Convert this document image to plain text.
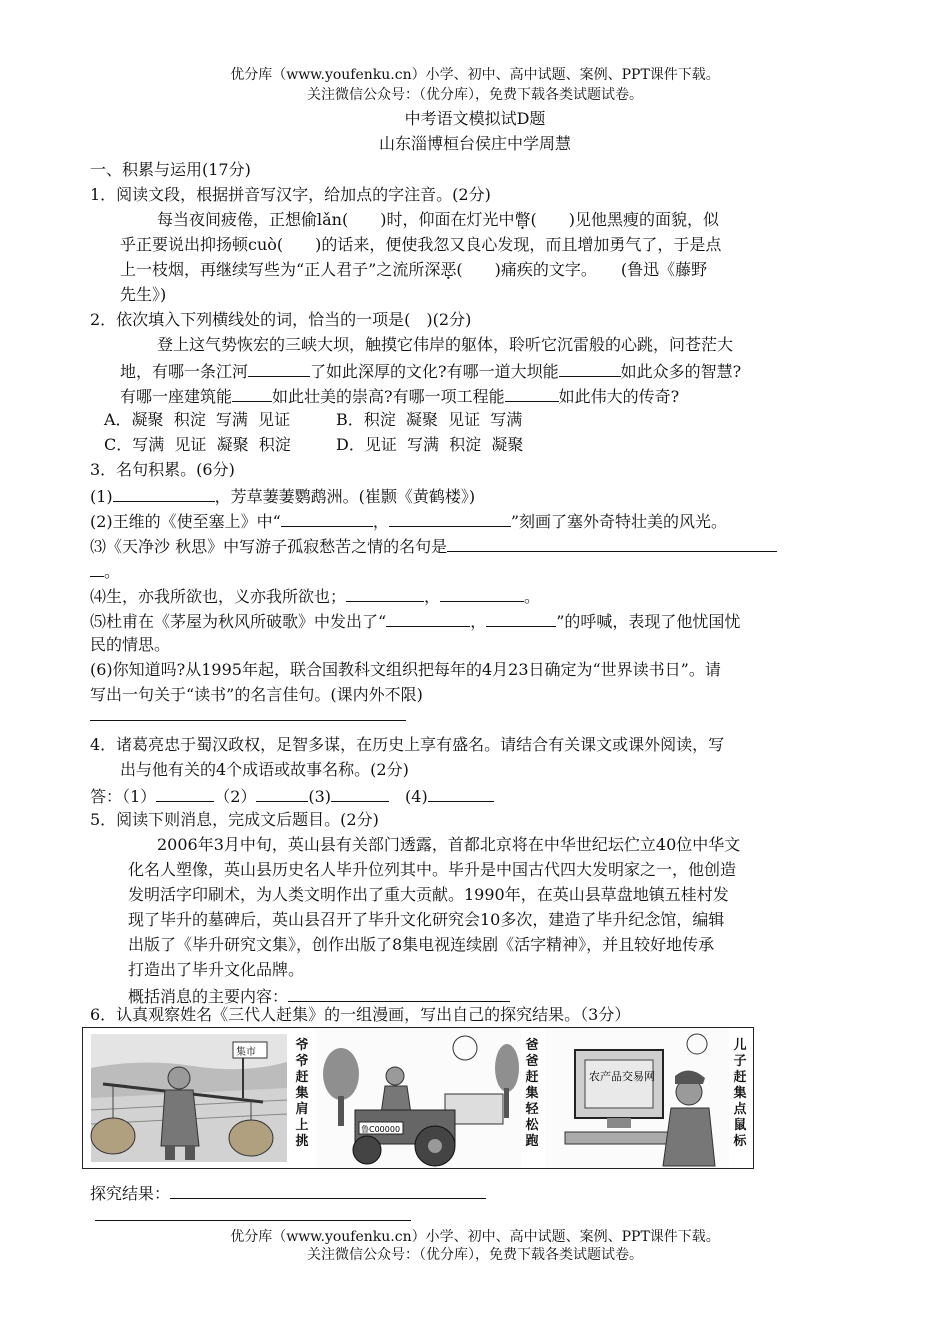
优分库（www.youfenku.cn）小学、初中、高中试题、案例、PPT课件下载。
关注微信公众号：（优分库），免费下载各类试题试卷。
中考语文模拟试D题
山东淄博桓台侯庄中学周慧
一、积累与运用(17分)
1．阅读文段，根据拼音写汉字，给加点的字注音。(2分)
每当夜间疲倦，正想偷lǎn(　　)时，仰面在灯光中瞥(　　)见他黑瘦的面貌，似
乎正要说出抑扬顿cuò(　　)的话来，便使我忽又良心发现，而且增加勇气了，于是点
上一枝烟，再继续写些为“正人君子”之流所深恶(　　)痛疾的文字。　　(鲁迅《藤野
先生》)
2．依次填入下列横线处的词，恰当的一项是(　)(2分)
登上这气势恢宏的三峡大坝，触摸它伟岸的躯体，聆听它沉雷般的心跳，问苍茫大
地，有哪一条江河	了如此深厚的文化?有哪一道大坝能	如此众多的智慧?
有哪一座建筑能	如此壮美的崇高?有哪一项工程能	如此伟大的传奇?
A．凝聚  积淀  写满  见证	B．积淀  凝聚  见证  写满
C．写满  见证  凝聚  积淀	D．见证  写满  积淀  凝聚
3．名句积累。(6分)
(1)	，芳草萋萋鹦鹉洲。(崔颢《黄鹤楼》)
(2)王维的《使至塞上》中“	，	”刻画了塞外奇特壮美的风光。
⑶《天净沙 秋思》中写游子孤寂愁苦之情的名句是
。
⑷生，亦我所欲也，义亦我所欲也；	，	。
⑸杜甫在《茅屋为秋风所破歌》中发出了“	，	”的呼喊，表现了他忧国忧
民的情思。
(6)你知道吗?从1995年起，联合国教科文组织把每年的4月23日确定为“世界读书日”。请
写出一句关于“读书”的名言佳句。(课内外不限)
4．诸葛亮忠于蜀汉政权，足智多谋，在历史上享有盛名。请结合有关课文或课外阅读，写
出与他有关的4个成语或故事名称。(2分)
答：（1）	（2）	(3)	(4)
5．阅读下则消息，完成文后题目。(2分)
2006年3月中旬，英山县有关部门透露，首都北京将在中华世纪坛伫立40位中华文
化名人塑像，英山县历史名人毕升位列其中。毕升是中国古代四大发明家之一，他创造
发明活字印刷术，为人类文明作出了重大贡献。1990年，在英山县草盘地镇五桂村发
现了毕升的墓碑后，英山县召开了毕升文化研究会10多次，建造了毕升纪念馆，编辑
出版了《毕升研究文集》，创作出版了8集电视连续剧《活字精神》，并且较好地传承
打造出了毕升文化品牌。
概括消息的主要内容：
6．认真观察姓名《三代人赶集》的一组漫画，写出自己的探究结果。（3分）
集市	爷
爷
赶
集
肩
上
挑
鲁C00000
爸
爸
赶
集
轻
松
跑
农产品交易网
儿
子
赶
集
点
鼠
标
探究结果：
优分库（www.youfenku.cn）小学、初中、高中试题、案例、PPT课件下载。
关注微信公众号：（优分库），免费下载各类试题试卷。
